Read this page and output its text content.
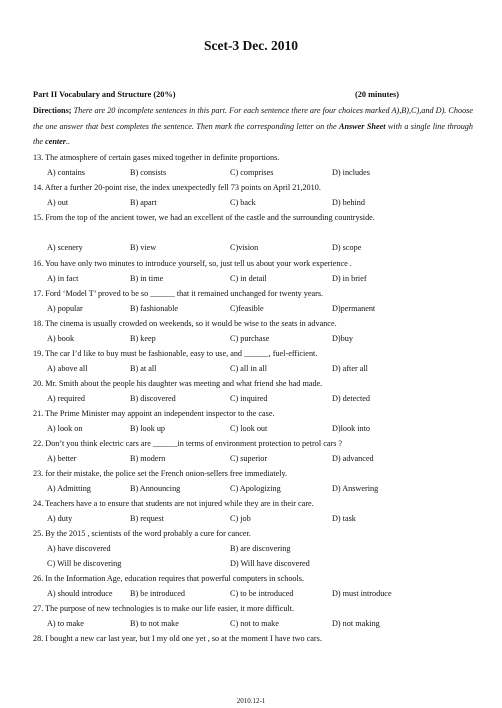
Scet-3 Dec. 2010
Part II Vocabulary and Structure (20%)	(20 minutes)
Directions; There are 20 incomplete sentences in this part. For each sentence there are four choices marked A),B),C),and D). Choose the one answer that best completes the sentence. Then mark the corresponding letter on the Answer Sheet with a single line through the center..
13. The atmosphere of certain gases mixed together in definite proportions.
A) contains	B) consists	C) comprises	D) includes
14. After a further 20-point rise, the index unexpectedly fell 73 points on April 21,2010.
A) out	B) apart	C) back	D) behind
15. From the top of the ancient tower, we had an excellent of the castle and the surrounding countryside.
A) scenery	B) view	C)vision	D) scope
16. You have only two minutes to introduce yourself, so, just tell us about your work experience .
A) in fact	B) in time	C) in detail	D) in brief
17. Ford ‘Model T’ proved to be so ______ that it remained unchanged for twenty years.
A) popular	B) fashionable	C)feasible	D)permanent
18. The cinema is usually crowded on weekends, so it would be wise to the seats in advance.
A) book	B) keep	C) purchase	D)buy
19. The car I’d like to buy must be fashionable, easy to use, and ______, fuel-efficient.
A) above all	B) at all	C) all in all	D) after all
20. Mr. Smith about the people his daughter was meeting and what friend she had made.
A) required	B) discovered	C) inquired	D) detected
21. The Prime Minister may appoint an independent inspector to the case.
A) look on	B) look up	C) look out	D)look into
22. Don’t you think electric cars are ______in terms of environment protection to petrol cars ?
A) better	B) modern	C) superior	D) advanced
23. for their mistake, the police set the French onion-sellers free immediately.
A) Admitting	B) Announcing	C) Apologizing	D) Answering
24. Teachers have a to ensure that students are not injured while they are in their care.
A) duty	B) request	C) job	D) task
25. By the 2015 , scientists of the word probably a cure for cancer.
A) have discovered	B) are discovering
C) Will be discovering	D) Will have discovered
26. In the Information Age, education requires that powerful computers in schools.
A) should introduce B) be introduced	C) to be introduced	D) must introduce
27. The purpose of new technologies is to make our life easier, it more difficult.
A) to make	B) to not make	C) not to make	D) not making
28. I bought a new car last year, but I my old one yet , so at the moment I have two cars.
2010.12-1
